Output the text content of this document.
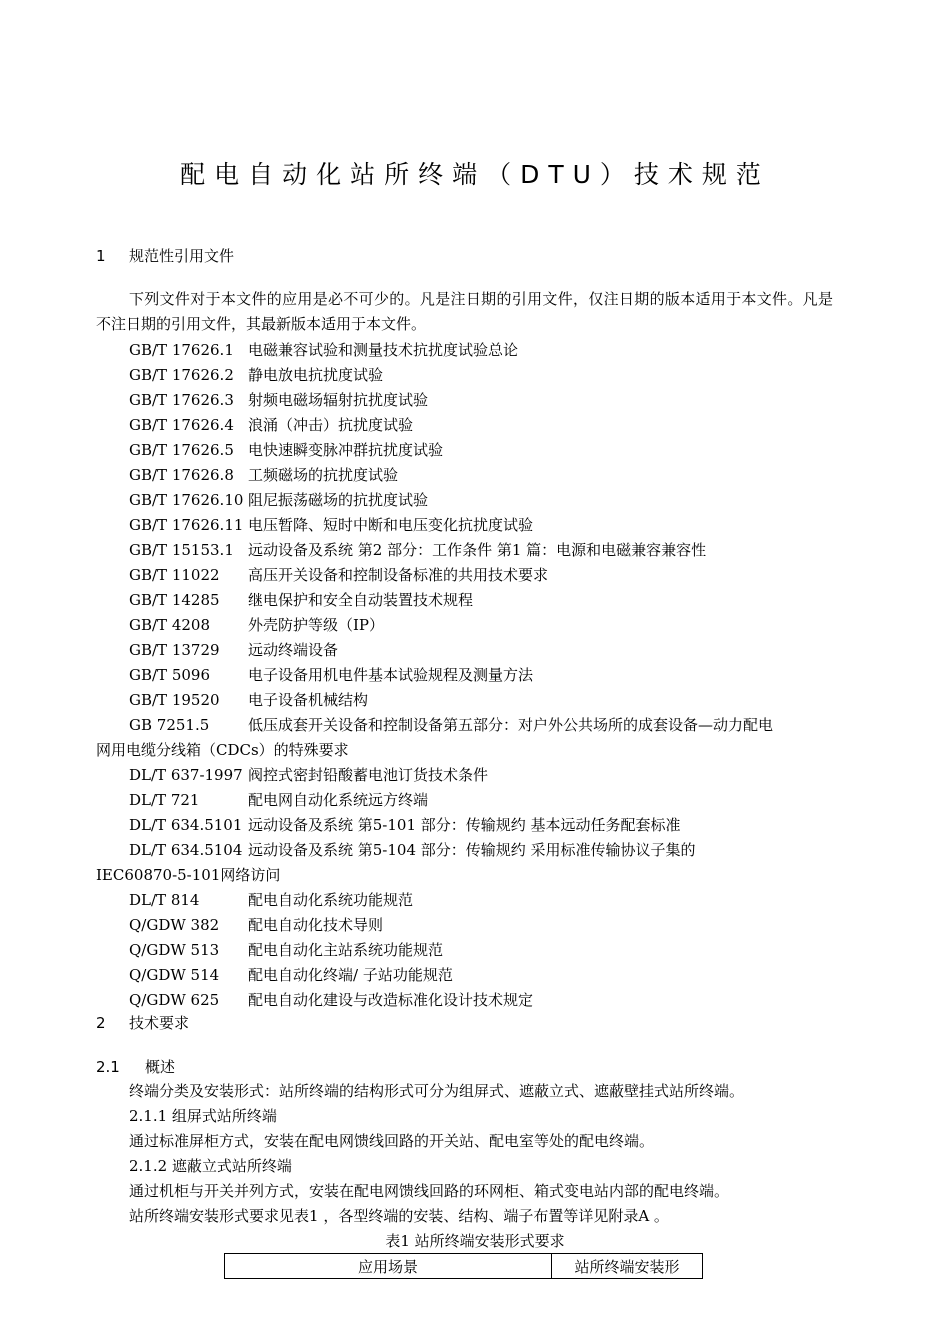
配电自动化站所终端（DTU）技术规范
1 规范性引用文件

下列文件对于本文件的应用是必不可少的。凡是注日期的引用文件，仅注日期的版本适用于本文件。凡是不注日期的引用文件，其最新版本适用于本文件。

GB/T 17626.1 电磁兼容试验和测量技术抗扰度试验总论
GB/T 17626.2 静电放电抗扰度试验
GB/T 17626.3 射频电磁场辐射抗扰度试验
GB/T 17626.4 浪涌（冲击）抗扰度试验
GB/T 17626.5 电快速瞬变脉冲群抗扰度试验
GB/T 17626.8 工频磁场的抗扰度试验
GB/T 17626.10 阻尼振荡磁场的抗扰度试验
GB/T 17626.11 电压暂降、短时中断和电压变化抗扰度试验
GB/T 15153.1 远动设备及系统 第2 部分：工作条件 第1 篇：电源和电磁兼容兼容性
GB/T 11022 高压开关设备和控制设备标准的共用技术要求
GB/T 14285 继电保护和安全自动装置技术规程
GB/T 4208	外壳防护等级（IP）
GB/T 13729 远动终端设备
GB/T 5096	电子设备用机电件基本试验规程及测量方法
GB/T 19520 电子设备机械结构
GB 7251.5	低压成套开关设备和控制设备第五部分：对户外公共场所的成套设备—动力配电
网用电缆分线箱（CDCs）的特殊要求
DL/T 637-1997 阀控式密封铅酸蓄电池订货技术条件
DL/T 721	配电网自动化系统远方终端
DL/T 634.5101 远动设备及系统 第5-101 部分：传输规约 基本远动任务配套标准
DL/T 634.5104 远动设备及系统 第5-104 部分：传输规约 采用标准传输协议子集的
IEC60870-5-101网络访问
DL/T 814	配电自动化系统功能规范
Q/GDW 382 配电自动化技术导则
Q/GDW 513 配电自动化主站系统功能规范
Q/GDW 514 配电自动化终端/ 子站功能规范
Q/GDW 625 配电自动化建设与改造标准化设计技术规定
2 技术要求
2.1 概述
终端分类及安装形式：站所终端的结构形式可分为组屏式、遮蔽立式、遮蔽壁挂式站所终端。
2.1.1 组屏式站所终端
通过标准屏柜方式，安装在配电网馈线回路的开关站、配电室等处的配电终端。
2.1.2 遮蔽立式站所终端
通过机柜与开关并列方式，安装在配电网馈线回路的环网柜、箱式变电站内部的配电终端。
站所终端安装形式要求见表1 ，各型终端的安装、结构、端子布置等详见附录A 。
表1 站所终端安装形式要求
应用场景	站所终端安装形
